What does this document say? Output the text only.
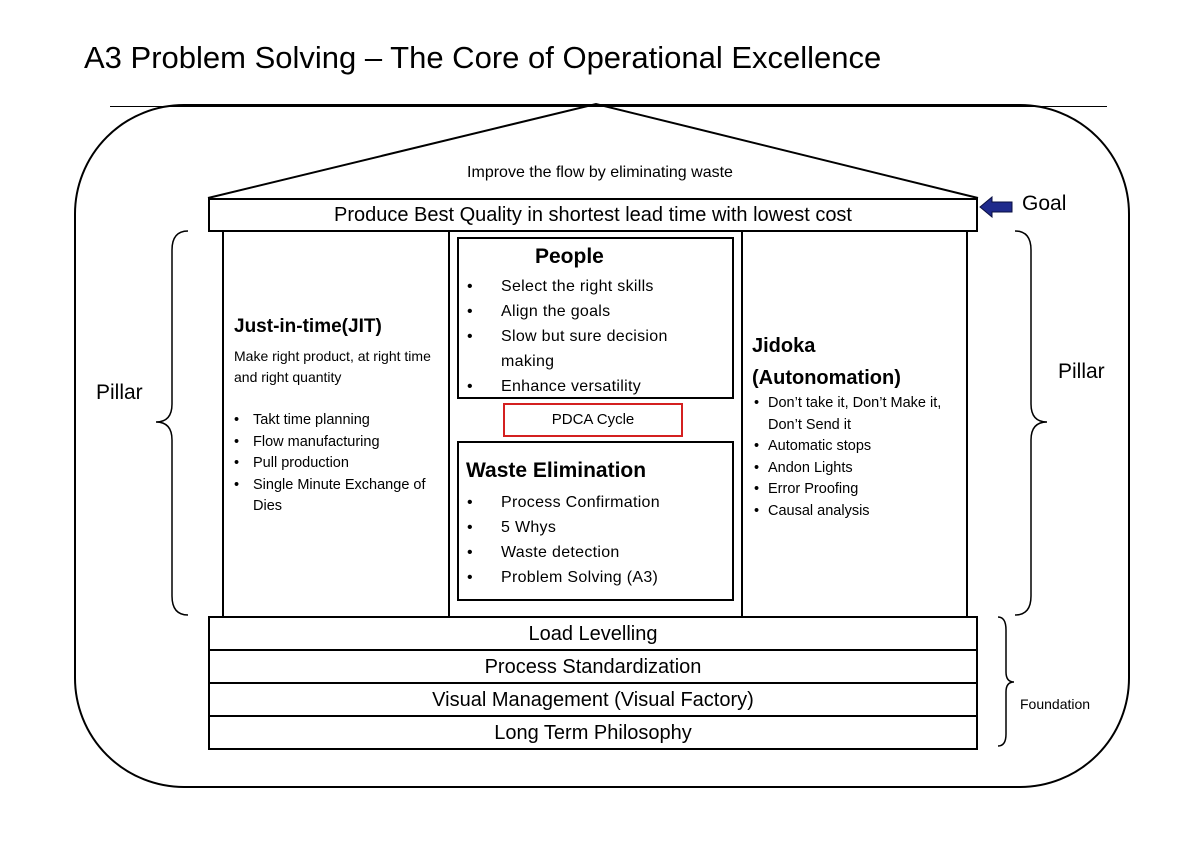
A3 Problem Solving – The Core of Operational Excellence
Improve the flow by eliminating waste
Produce Best Quality in shortest lead time with lowest cost	Goal
Just-in-time(JIT)
Make right product, at right time and right quantity
• Takt time planning
• Flow manufacturing
• Pull production
• Single Minute Exchange of Dies
People
• Select the right skills
• Align the goals
• Slow but sure decision making
• Enhance versatility
PDCA Cycle
Waste Elimination
• Process Confirmation
• 5 Whys
• Waste detection
• Problem Solving (A3)
Jidoka
(Autonomation)
• Don’t take it, Don’t Make it, Don’t Send it
• Automatic stops
• Andon Lights
• Error Proofing
• Causal analysis
Pillar
Pillar
Load Levelling
Process Standardization
Visual Management (Visual Factory)
Long Term Philosophy
Foundation
